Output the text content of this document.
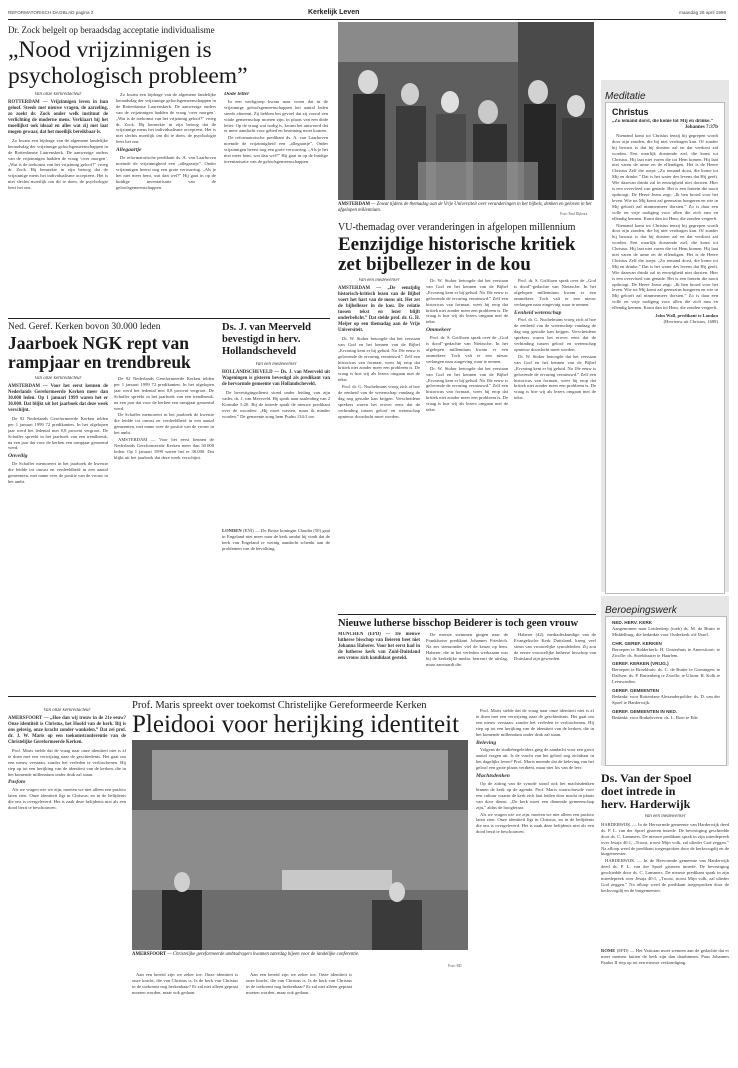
REFORMATORISCH DAGBLAD pagina 2	Kerkelijk Leven	maandag 26 april 1999
Dr. Zock belgelt op beraadsdag acceptatie individualisme
„Nood vrijzinnigen is
psychologisch probleem”
Van onze kerkredacteur
ROTTERDAM — Vrijzinnigen leven in hun geloof. Steeds met nieuwe vragen, de aarzeling, zo zoekt dr. Zock onder welk instituut de verlichting de moderne mens. Verklaart hij het moeilijkst ook ideaal en alles wat zij met laat mogen gewaar, dat het moeilijk bereikbaar is.

Zo kwam een bijdrage van de algemene landelijke beraadsdag der vrijzinnige geloofsgemeenschappen in de Rotterdamse Laurenskerk. De aanwezige ouders van de vrijzinnigen hadden de vraag ‘over morgen’. „Wat is de toekomst van het vrijzinnig geloof?” vroeg dr. Zock. Hij bemerkte in zijn betoog dat de vrijzinnige mens het individualisme accepteert. Het is niet slechts moeilijk om dit te doen, de psychologie leert het ons.

Zo kwam een bijdrage van de algemene landelijke beraadsdag der vrijzinnige geloofsgemeenschappen in de Rotterdamse Laurenskerk. De aanwezige ouders van de vrijzinnigen hadden de vraag ‘over morgen’. „Wat is de toekomst van het vrijzinnig geloof?” vroeg dr. Zock. Hij bemerkte in zijn betoog dat de vrijzinnige mens het individualisme accepteert. Het is niet slechts moeilijk om dit te doen, de psychologie leert het ons.

Allegaartje

De reformatorische predikant ds. A. van Laarhoven noemde de vrijzinnigheid een „allegaartje”. Onder vrijzinnigen heerst nog een grote verwarring. „Als je het niet meer bent, wat dan wel?” Hij gaat in op de huidige inventarisatie van de geloofsgemeenschappen.

Dode letter

In een werkgroep kwam naar voren dat in de vrijzinnige geloofsgemeenschappen het aantal leden steeds afneemt. Zij hebben het gevoel dat zij vooral een vitale gemeenschap moeten zijn, in plaats van een dode letter. Op de vraag wat nodig is, kwam het antwoord dat er meer aandacht voor gebed en bezinning moet komen.

De reformatorische predikant ds. A. van Laarhoven noemde de vrijzinnigheid een „allegaartje”. Onder vrijzinnigen heerst nog een grote verwarring. „Als je het niet meer bent, wat dan wel?” Hij gaat in op de huidige inventarisatie van de geloofsgemeenschappen.

AMSTERDAM — Zowat tijdens de themadag aan de Vrije Universiteit over veranderingen in het bijbels, denken en geloven in het afgelopen millennium.
Foto: Paul Dijkstra
Meditatie
Christus
„Zo iemand dorst, die kome tot Mij en drinke.”
Johannes 7:37b

Niemand komt tot Christus tenzij hij gegrepen wordt door zijn zonden, die hij niet verdragen kan. Of zonder hij bewust is dat hij dorsten zal en dat verdorst zal worden. Een waarlijk dorstende ziel, die komt tot Christus. Hij laat niet varen die tot Hem komen. Hij laat niet varen de arme en de ellendigen. Het is de Heere Christus Zelf die roept: „Zo iemand dorst, die kome tot Mij en drinke.” Dat is het water des levens dat Hij geeft. Wie daarvan drinkt zal in eeuwigheid niet dorsten. Hier is een overvloed van genade. Het is een fontein die nooit opdroogt. De Heere Jezus zegt: „Ik ben brood voor het leven. Wie tot Mij komt zal geenszins hongeren en wie in Mij gelooft zal nimmermeer dorsten.” Zo is daar een volle en vrije nodiging voor allen die zich arm en ellendig kennen. Komt dan tot Hem, die zonden vergeeft.

Niemand komt tot Christus tenzij hij gegrepen wordt door zijn zonden, die hij niet verdragen kan. Of zonder hij bewust is dat hij dorsten zal en dat verdorst zal worden. Een waarlijk dorstende ziel, die komt tot Christus. Hij laat niet varen die tot Hem komen. Hij laat niet varen de arme en de ellendigen. Het is de Heere Christus Zelf die roept: „Zo iemand dorst, die kome tot Mij en drinke.” Dat is het water des levens dat Hij geeft. Wie daarvan drinkt zal in eeuwigheid niet dorsten. Hier is een overvloed van genade. Het is een fontein die nooit opdroogt. De Heere Jezus zegt: „Ik ben brood voor het leven. Wie tot Mij komt zal geenszins hongeren en wie in Mij gelooft zal nimmermeer dorsten.” Zo is daar een volle en vrije nodiging voor allen die zich arm en ellendig kennen. Komt dan tot Hem, die zonden vergeeft.

John Wall, predikant te London
(Herrieuw uit Christus, 1688)
VU-themadag over veranderingen in afgelopen millennium
Eenzijdige historische kritiek
zet bijbellezer in de kou
Van een medewerker
AMSTERDAM — „De eenzijdig historisch-kritisch lezen van de Bijbel voert het hart van de mens uit. Het zet de bijbellezer in de kou. De relatie tussen tekst en lezer blijft onderbelicht.” Dat stelde prof. dr. G. H. Meijer op een themadag aan de Vrije Universiteit.

Dr. W. Stoker betoogde dat het verstaan van God en het kennen van de Bijbel „Ervaring kent er bij geluid. Na 18e eeuw is gelovende de ervaring vernieuwd.” Zelf een historicus van formaat, wees hij erop dat kritiek niet zonder meer een probleem is. De vraag is hoe wij als lezers omgaan met de tekst.

Prof. dr. G. Nuchelmans vroeg zich af hoe de eenheid van de wetenschap vandaag de dag nog gestalte kan krijgen. Verscheidene sprekers waren het erover eens dat de verbinding tussen geloof en wetenschap opnieuw doordacht moet worden.

Dr. W. Stoker betoogde dat het verstaan van God en het kennen van de Bijbel „Ervaring kent er bij geluid. Na 18e eeuw is gelovende de ervaring vernieuwd.” Zelf een historicus van formaat, wees hij erop dat kritiek niet zonder meer een probleem is. De vraag is hoe wij als lezers omgaan met de tekst.

Ommekeer

Prof. dr. S. Griffioen sprak over de „God is dood”-gedachte van Nietzsche. In het afgelopen millennium kwam er een ommekeer. Toch valt er een nieuw verlangen naar zingeving waar te nemen.

Dr. W. Stoker betoogde dat het verstaan van God en het kennen van de Bijbel „Ervaring kent er bij geluid. Na 18e eeuw is gelovende de ervaring vernieuwd.” Zelf een historicus van formaat, wees hij erop dat kritiek niet zonder meer een probleem is. De vraag is hoe wij als lezers omgaan met de tekst.

Prof. dr. S. Griffioen sprak over de „God is dood”-gedachte van Nietzsche. In het afgelopen millennium kwam er een ommekeer. Toch valt er een nieuw verlangen naar zingeving waar te nemen.

Eenheid wetenschap

Prof. dr. G. Nuchelmans vroeg zich af hoe de eenheid van de wetenschap vandaag de dag nog gestalte kan krijgen. Verscheidene sprekers waren het erover eens dat de verbinding tussen geloof en wetenschap opnieuw doordacht moet worden.

Dr. W. Stoker betoogde dat het verstaan van God en het kennen van de Bijbel „Ervaring kent er bij geluid. Na 18e eeuw is gelovende de ervaring vernieuwd.” Zelf een historicus van formaat, wees hij erop dat kritiek niet zonder meer een probleem is. De vraag is hoe wij als lezers omgaan met de tekst.

Ned. Geref. Kerken bovon 30.000 leden
Jaarboek NGK rept van
rampjaar en trendbreuk
Van onze kerkredacteur
AMSTERDAM — Voor het eerst kennen de Nederlands Gereformeerde Kerken meer dan 30.000 leden. Op 1 januari 1999 waren het er 30.000. Dat blijkt uit het jaarboek dat deze week verschijnt.

De 92 Nederlands Gereformeerde Kerken telden per 1 januari 1999 72 predikanten. In het afgelopen jaar werd het ledental met 0,8 procent vergroot. De Schaffer spreekt in het jaarboek van een trendbreuk, na een jaar dat voor de kerken een rampjaar genoemd werd.

Onveilig

De Schaffer memoreert in het jaarboek de kwestie die leidde tot onrust en verdeeldheid in een aantal gemeenten, met name over de positie van de vrouw in het ambt.

De 92 Nederlands Gereformeerde Kerken telden per 1 januari 1999 72 predikanten. In het afgelopen jaar werd het ledental met 0,8 procent vergroot. De Schaffer spreekt in het jaarboek van een trendbreuk, na een jaar dat voor de kerken een rampjaar genoemd werd.

De Schaffer memoreert in het jaarboek de kwestie die leidde tot onrust en verdeeldheid in een aantal gemeenten, met name over de positie van de vrouw in het ambt.

AMSTERDAM — Voor het eerst kennen de Nederlands Gereformeerde Kerken meer dan 30.000 leden. Op 1 januari 1999 waren het er 30.000. Dat blijkt uit het jaarboek dat deze week verschijnt.

Ds. J. van Meerveld
bevestigd in herv.
Hollandscheveld
Van een medewerker
HOLLANDSCHEVELD — Ds. J. van Meerveld uit Wageningen is gisteren bevestigd als predikant van de hervormde gemeente van Hollandscheveld.

De bevestigingsdienst stond onder leiding van zijn vader, ds. J. van Meerveld. Hij sprak naar aanleiding van 2 Korinthe 5:20. Bij de intrede sprak de nieuwe predikant over de woorden: „Hij moet wassen, maar ik minder worden.” De gemeente zong hem Psalm 134:3 toe.

LONDEN (ENI) — De Britse koningin Claudia (50) gaat in Engeland niet meer naar de kerk omdat hij vindt dat de kerk van Engeland te weinig aandacht schenkt aan de problemen van de bevolking.

Nieuwe lutherse bisschop Beiderer is toch geen vrouw
MÜNCHEN (EPD) — De nieuwe lutherse bisschop van Beieren heet niet Johanna Haberer. Voor het eerst had in de lutherse kerk van Zuid-Duitsland een vrouw zich kandidaat gesteld.

De meeste stemmen gingen naar de Frankfurtse predikant Johannes Friedrich. Na zes stemrondes viel de keuze op hem. Haberer, die in het verleden werkzaam was bij de kerkelijke media, betreurt de uitslag, maar aanvaardt die.

Haberer (42), mediadeskundige van de Evangelische Kerk Duitsland, kreeg veel steun van vrouwelijke synodeleden. Zij zou de eerste vrouwelijke lutherse bisschop van Duitsland zijn geworden.

Beroepingswerk
NED. HERV. KERK
Aangenomen naar Leiderdorp (toeb) ds. M. de Bruin te Middelburg, die bedankte voor Ouderkerk a/d IJssel.
CHR. GEREF. KERKEN
Beroepen te Ridderkerk: H. Oosterhuis te Amersfoort; te Zwolle: ds. Stoeldraaier te Haarlem.
GEREF. KERKEN (VRIJG.)
Beroepen te Broekhuis: ds. C. de Ruiter te Groningen; te Dalfsen: ds. P. Ruitenberg te Zwolle; te Ulrum: R. Kolk te Leeuwarden.
GEREF. GEMEENTEN
Bedankt: voor Rotterdam-Alexanderpolder: ds. D. van der Spoel te Harderwijk.
GEREF. GEMEENTEN IN NED.
Bedankt: voor Brakelsveen: ds. L. Boer te Ede.
Ds. Van der Spoel
doet intrede in
herv. Harderwijk
Van een medewerker

HARDERWIJK — In de Hervormde gemeente van Harderwijk deed ds. P. L. van der Spoel gisteren intrede. De bevestiging geschiedde door ds. C. Lammers. De nieuwe predikant sprak in zijn intredepreek over Jesaja 40:1, „Troost, troost Mijn volk, zal ulieder God zeggen.” Na afloop werd de predikant toegesproken door de kerkvoogdij en de burgemeester.

HARDERWIJK — In de Hervormde gemeente van Harderwijk deed ds. P. L. van der Spoel gisteren intrede. De bevestiging geschiedde door ds. C. Lammers. De nieuwe predikant sprak in zijn intredepreek over Jesaja 40:1, „Troost, troost Mijn volk, zal ulieder God zeggen.” Na afloop werd de predikant toegesproken door de kerkvoogdij en de burgemeester.

ROME (EPD) — Het Vaticaan moet wennen aan de gedachte dat er meer mensen buiten de kerk zijn dan daarbinnen. Paus Johannes Paulus II riep op tot een nieuwe verkondiging.

Prof. Maris spreekt over toekomst Christelijke Gereformeerde Kerken
Pleidooi voor herijking identiteit
Van onze kerkredacteur
AMERSFOORT — „Hoe dan wij trouw in de 21e eeuw? Onze identiteit is Christus, het Hoofd van de kerk. Bij is ons gelovig, onze kracht zonder wankelen.” Dat zei prof. dr. J. W. Maris op een toekomstconferentie van de Christelijke Gereformeerde Kerken.

Prof. Maris stelde dat de vraag naar onze identiteit niet is af te doen met een verwijzing naar de geschiedenis. Het gaat om een nieuw verstaan, zonder het verleden te verloochenen. Hij riep op tot een herijking van de identiteit van de kerken, die in het komende millennium onder druk zal staan.

Pasfoto

Als we vragen wie we zijn, moeten we niet alleen een pasfoto laten zien. Onze identiteit ligt in Christus, en in de belijdenis die ons is overgeleverd. Het is zaak deze belijdenis niet als een dood bezit te beschouwen.

AMERSFOORT — Christelijke gereformeerde ambtsdragers kwamen zaterdag bijeen voor de landelijke conferentie.
Foto: RD

Aan een bereid zijn we zeker toe. Onze identiteit is onze kracht, die van Christus is. Is de kerk van Christus in de toekomst nog herkenbaar? Er zal niet alleen gepraat moeten worden, maar ook gedaan.

Aan een bereid zijn we zeker toe. Onze identiteit is onze kracht, die van Christus is. Is de kerk van Christus in de toekomst nog herkenbaar? Er zal niet alleen gepraat moeten worden, maar ook gedaan.

Prof. Maris stelde dat de vraag naar onze identiteit niet is af te doen met een verwijzing naar de geschiedenis. Het gaat om een nieuw verstaan, zonder het verleden te verloochenen. Hij riep op tot een herijking van de identiteit van de kerken, die in het komende millennium onder druk zal staan.

Beleving

Volgens de studiebegeleiders ging de aandacht voor een groot aantal vragen uit. Is de vrucht van het geloof nog zichtbaar in het dagelijks leven? Prof. Maris meende dat de beleving van het geloof een grote plaats verdient, maar niet los van de leer.

Machtsdenken

Op de zitting van de synode stond ook het machtsdenken binnen de kerk op de agenda. Prof. Maris waarschuwde voor een cultuur waarin de kerk zich laat leiden door macht in plaats van door dienst. „De kerk moet een dienende gemeenschap zijn,” aldus de hoogleraar.

Als we vragen wie we zijn, moeten we niet alleen een pasfoto laten zien. Onze identiteit ligt in Christus, en in de belijdenis die ons is overgeleverd. Het is zaak deze belijdenis niet als een dood bezit te beschouwen.
